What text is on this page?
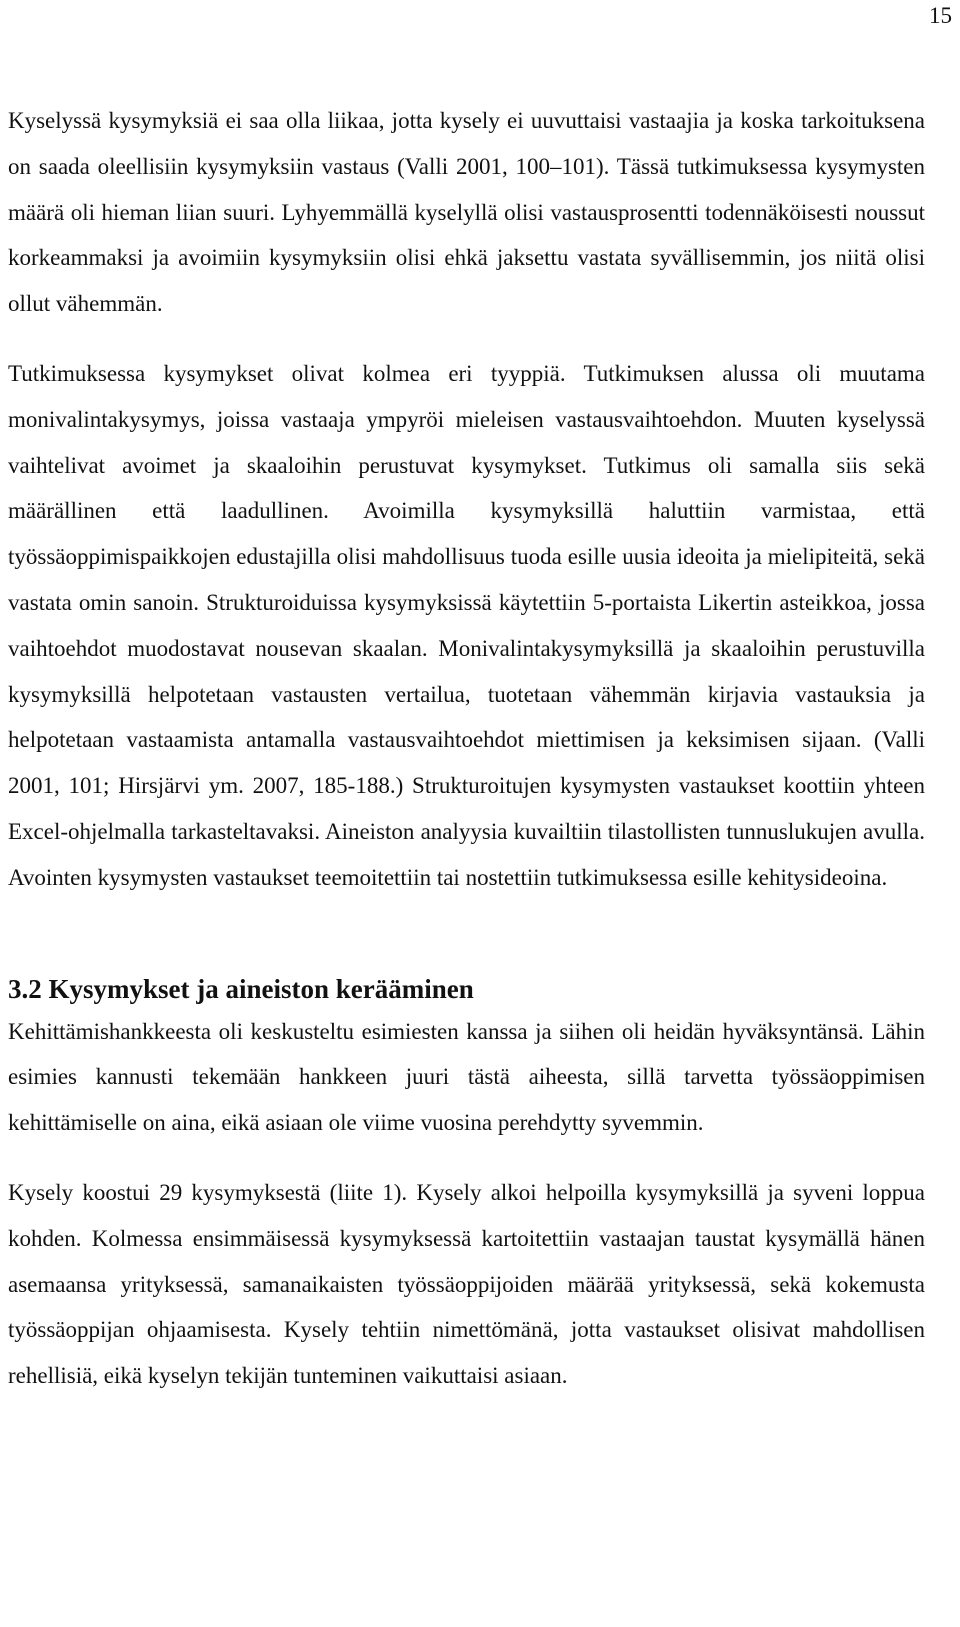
15

Kyselyssä kysymyksiä ei saa olla liikaa, jotta kysely ei uuvuttaisi vastaajia ja koska tarkoituksena on saada oleellisiin kysymyksiin vastaus (Valli 2001, 100–101). Tässä tutkimuksessa kysymysten määrä oli hieman liian suuri. Lyhyemmällä kyselyllä olisi vastausprosentti todennäköisesti noussut korkeammaksi ja avoimiin kysymyksiin olisi ehkä jaksettu vastata syvällisemmin, jos niitä olisi ollut vähemmän.

Tutkimuksessa kysymykset olivat kolmea eri tyyppiä. Tutkimuksen alussa oli muutama monivalintakysymys, joissa vastaaja ympyröi mieleisen vastausvaihtoehdon. Muuten kyselyssä vaihtelivat avoimet ja skaaloihin perustuvat kysymykset. Tutkimus oli samalla siis sekä määrällinen että laadullinen. Avoimilla kysymyksillä haluttiin varmistaa, että työssäoppimispaikkojen edustajilla olisi mahdollisuus tuoda esille uusia ideoita ja mielipiteitä, sekä vastata omin sanoin. Strukturoiduissa kysymyksissä käytettiin 5-portaista Likertin asteikkoa, jossa vaihtoehdot muodostavat nousevan skaalan. Monivalintakysymyksillä ja skaaloihin perustuvilla kysymyksillä helpotetaan vastausten vertailua, tuotetaan vähemmän kirjavia vastauksia ja helpotetaan vastaamista antamalla vastausvaihtoehdot miettimisen ja keksimisen sijaan. (Valli 2001, 101; Hirsjärvi ym. 2007, 185-188.) Strukturoitujen kysymysten vastaukset koottiin yhteen Excel-ohjelmalla tarkasteltavaksi. Aineiston analyysia kuvailtiin tilastollisten tunnuslukujen avulla. Avointen kysymysten vastaukset teemoitettiin tai nostettiin tutkimuksessa esille kehitysideoina.

3.2 Kysymykset ja aineiston kerääminen

Kehittämishankkeesta oli keskusteltu esimiesten kanssa ja siihen oli heidän hyväksyntänsä. Lähin esimies kannusti tekemään hankkeen juuri tästä aiheesta, sillä tarvetta työssäoppimisen kehittämiselle on aina, eikä asiaan ole viime vuosina perehdytty syvemmin.

Kysely koostui 29 kysymyksestä (liite 1). Kysely alkoi helpoilla kysymyksillä ja syveni loppua kohden. Kolmessa ensimmäisessä kysymyksessä kartoitettiin vastaajan taustat kysymällä hänen asemaansa yrityksessä, samanaikaisten työssäoppijoiden määrää yrityksessä, sekä kokemusta työssäoppijan ohjaamisesta. Kysely tehtiin nimettömänä, jotta vastaukset olisivat mahdollisen rehellisiä, eikä kyselyn tekijän tunteminen vaikuttaisi asiaan.
